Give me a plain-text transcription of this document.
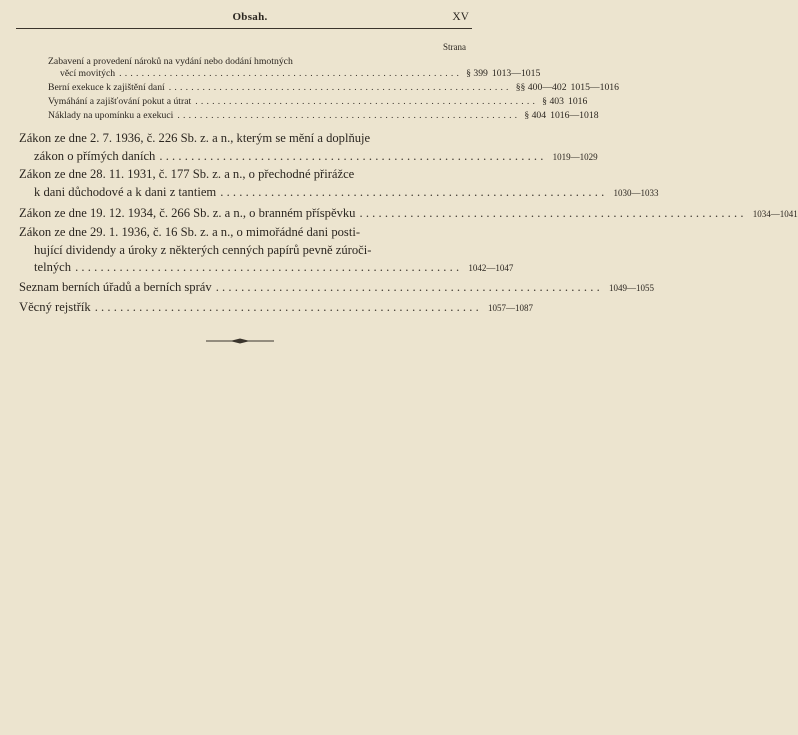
Obsah.	XV
Strana
Zabavení a provedení nároků na vydání nebo dodání hmotných
věcí movitých ............................................................. § 399 1013—1015
Berní exekuce k zajištění daní ............................................................. §§ 400—402 1015—1016
Vymáhání a zajišťování pokut a útrat ............................................................. § 403 1016
Náklady na upomínku a exekuci ............................................................. § 404 1016—1018
Zákon ze dne 2. 7. 1936, č. 226 Sb. z. a n., kterým se mění a doplňuje
zákon o přímých daních ............................................................. 1019—1029
Zákon ze dne 28. 11. 1931, č. 177 Sb. z. a n., o přechodné přirážce
k dani důchodové a k dani z tantiem ............................................................. 1030—1033
Zákon ze dne 19. 12. 1934, č. 266 Sb. z. a n., o branném příspěvku ............................................................. 1034—1041
Zákon ze dne 29. 1. 1936, č. 16 Sb. z. a n., o mimořádné dani posti-
hující dividendy a úroky z některých cenných papírů pevně zúroči-
telných ............................................................. 1042—1047
Seznam berních úřadů a berních správ ............................................................. 1049—1055
Věcný rejstřík ............................................................. 1057—1087
